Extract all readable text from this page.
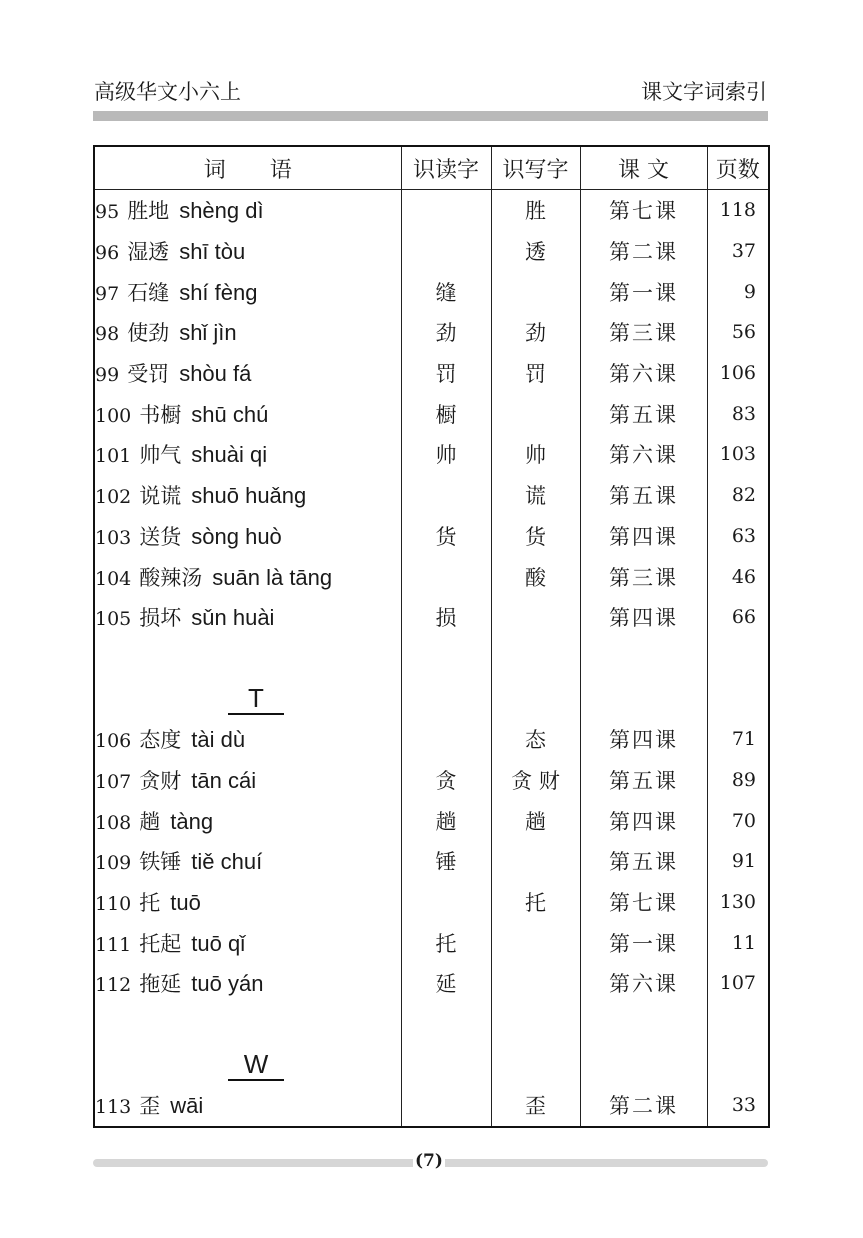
高级华文小六上	课文字词索引
词　　语	识读字	识写字	课 文	页数
95 胜地 shèng dì		胜	第七课	118
96 湿透 shī tòu		透	第二课	37
97 石缝 shí fèng	缝		第一课	9
98 使劲 shǐ jìn	劲	劲	第三课	56
99 受罚 shòu fá	罚	罚	第六课	106
100 书橱 shū chú	橱		第五课	83
101 帅气 shuài qi	帅	帅	第六课	103
102 说谎 shuō huǎng		谎	第五课	82
103 送货 sòng huò	货	货	第四课	63
104 酸辣汤 suān là tāng		酸	第三课	46
105 损坏 sǔn huài	损		第四课	66

T				

106 态度 tài dù		态	第四课	71
107 贪财 tān cái	贪	贪 财	第五课	89
108 趟 tàng	趟	趟	第四课	70
109 铁锤 tiě chuí	锤		第五课	91
110 托 tuō		托	第七课	130
111 托起 tuō qǐ	托		第一课	11
112 拖延 tuō yán	延		第六课	107

W				

113 歪 wāi		歪	第二课	33
(7)
